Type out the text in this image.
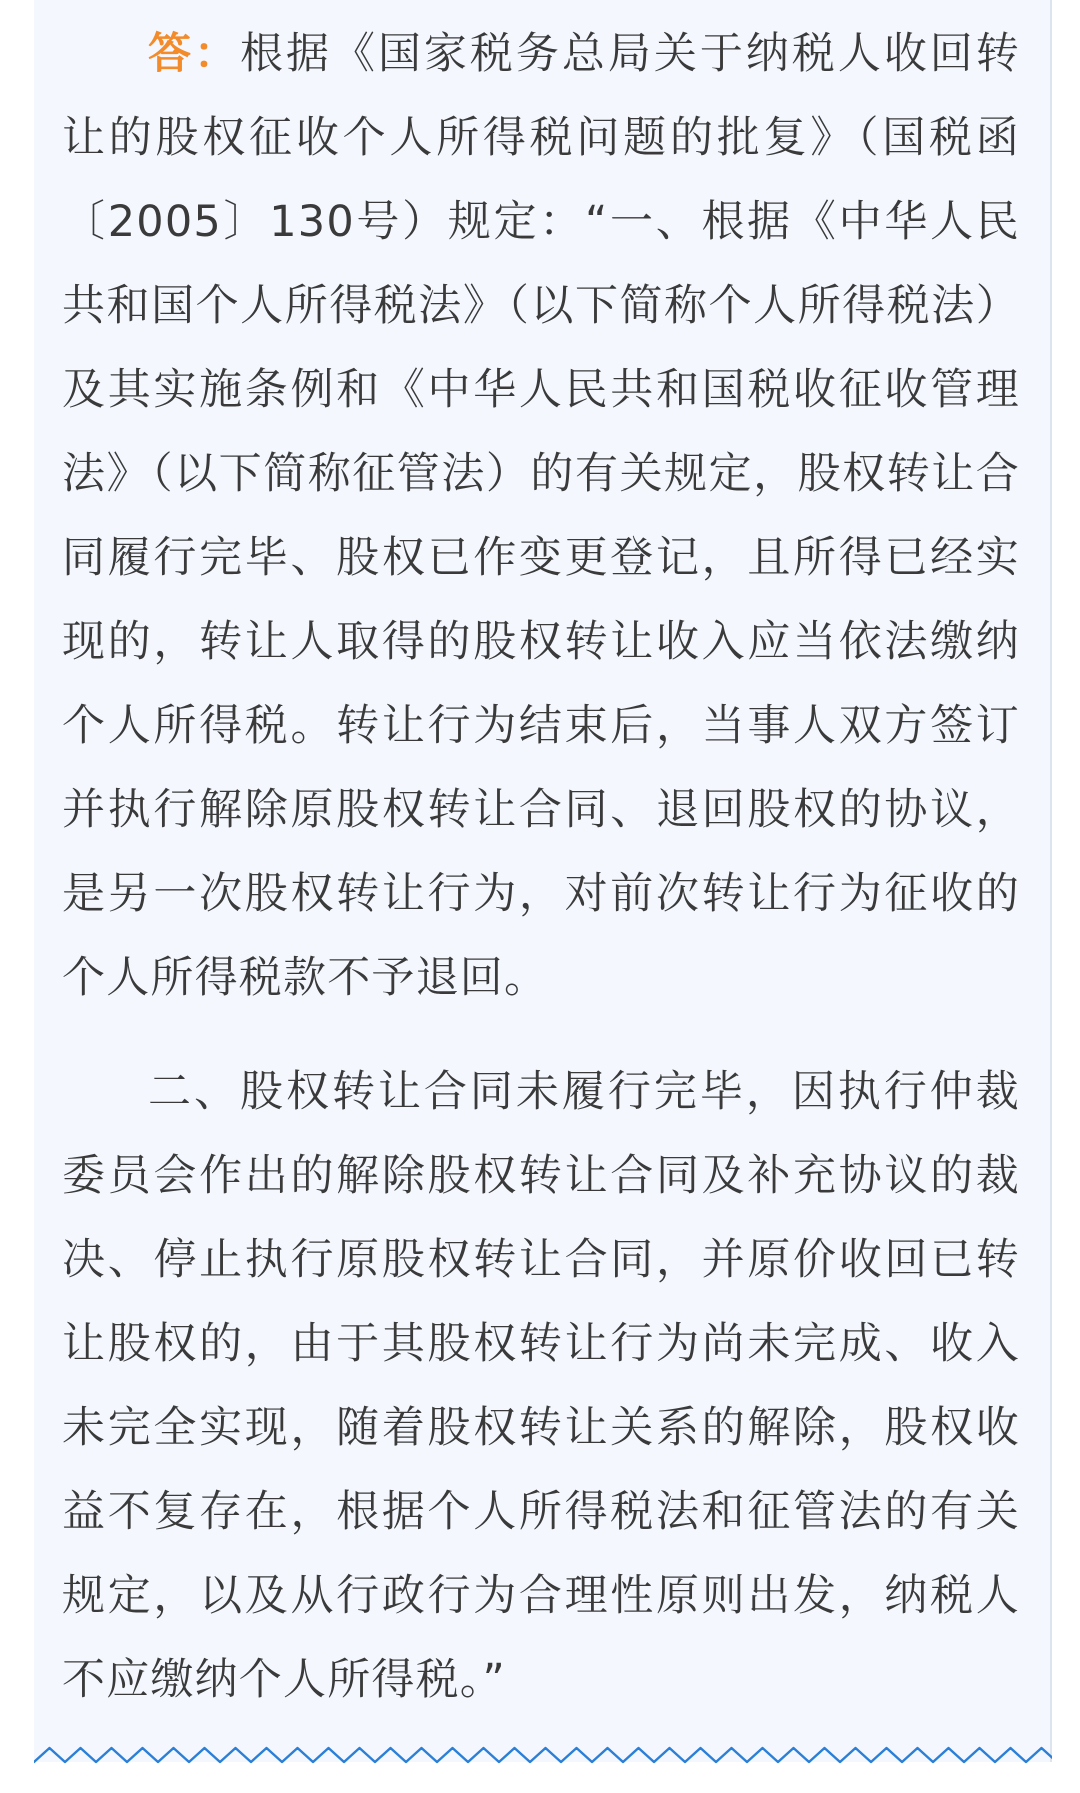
答：根据《国家税务总局关于纳税人收回转让的股权征收个人所得税问题的批复》（国税函〔2005〕130号）规定：“一、根据《中华人民共和国个人所得税法》（以下简称个人所得税法）及其实施条例和《中华人民共和国税收征收管理法》（以下简称征管法）的有关规定，股权转让合同履行完毕、股权已作变更登记，且所得已经实现的，转让人取得的股权转让收入应当依法缴纳个人所得税。转让行为结束后，当事人双方签订并执行解除原股权转让合同、退回股权的协议，是另一次股权转让行为，对前次转让行为征收的个人所得税款不予退回。

二、股权转让合同未履行完毕，因执行仲裁委员会作出的解除股权转让合同及补充协议的裁决、停止执行原股权转让合同，并原价收回已转让股权的，由于其股权转让行为尚未完成、收入未完全实现，随着股权转让关系的解除，股权收益不复存在，根据个人所得税法和征管法的有关规定，以及从行政行为合理性原则出发，纳税人不应缴纳个人所得税。”
